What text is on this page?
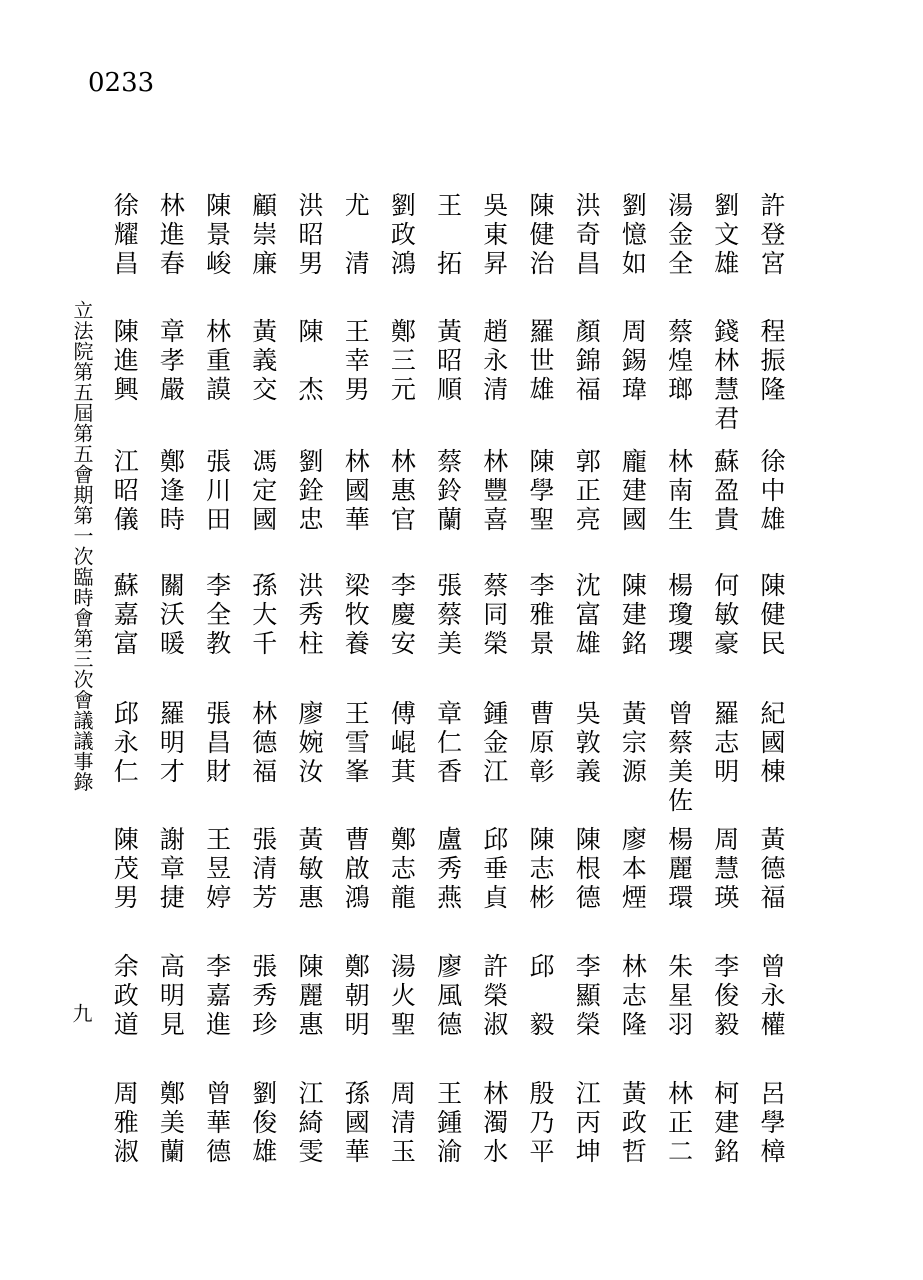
0233
立法院第五屆第五會期第一次臨時會第三次會議議事錄
九
許登宮
劉文雄
湯金全
劉憶如
洪奇昌
陳健治
吳東昇
王　拓
劉政鴻
尤　清
洪昭男
顧崇廉
陳景峻
林進春
徐耀昌
程振隆
錢林慧君
蔡煌瑯
周錫瑋
顏錦福
羅世雄
趙永清
黃昭順
鄭三元
王幸男
陳　杰
黃義交
林重謨
章孝嚴
陳進興
徐中雄
蘇盈貴
林南生
龐建國
郭正亮
陳學聖
林豐喜
蔡鈴蘭
林惠官
林國華
劉銓忠
馮定國
張川田
鄭逢時
江昭儀
陳健民
何敏豪
楊瓊瓔
陳建銘
沈富雄
李雅景
蔡同榮
張蔡美
李慶安
梁牧養
洪秀柱
孫大千
李全教
關沃暖
蘇嘉富
紀國棟
羅志明
曾蔡美佐
黃宗源
吳敦義
曹原彰
鍾金江
章仁香
傅崐萁
王雪峯
廖婉汝
林德福
張昌財
羅明才
邱永仁
黃德福
周慧瑛
楊麗環
廖本煙
陳根德
陳志彬
邱垂貞
盧秀燕
鄭志龍
曹啟鴻
黃敏惠
張清芳
王昱婷
謝章捷
陳茂男
曾永權
李俊毅
朱星羽
林志隆
李顯榮
邱　毅
許榮淑
廖風德
湯火聖
鄭朝明
陳麗惠
張秀珍
李嘉進
高明見
余政道
呂學樟
柯建銘
林正二
黃政哲
江丙坤
殷乃平
林濁水
王鍾渝
周清玉
孫國華
江綺雯
劉俊雄
曾華德
鄭美蘭
周雅淑
